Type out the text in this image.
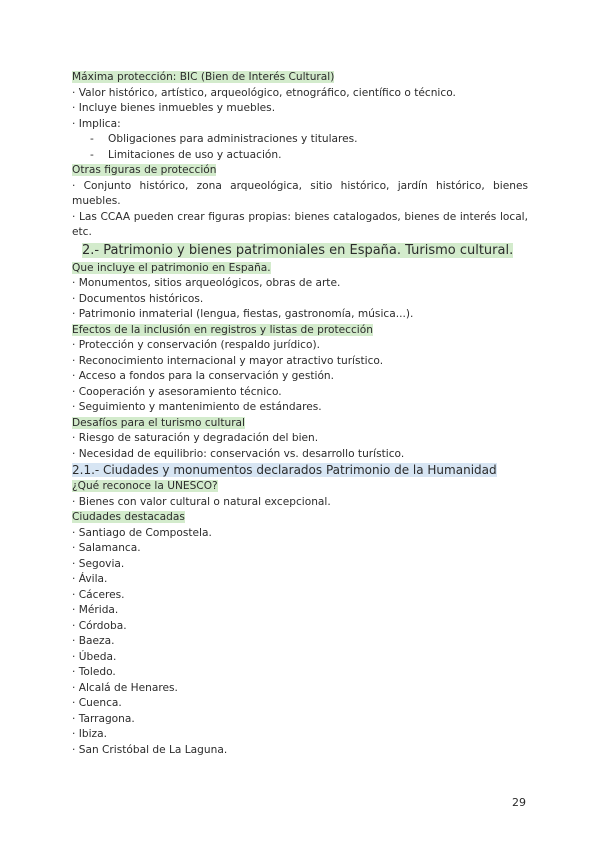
Máxima protección: BIC (Bien de Interés Cultural)
· Valor histórico, artístico, arqueológico, etnográfico, científico o técnico.
· Incluye bienes inmuebles y muebles.
· Implica:
- Obligaciones para administraciones y titulares.
- Limitaciones de uso y actuación.
Otras figuras de protección
· Conjunto histórico, zona arqueológica, sitio histórico, jardín histórico, bienes muebles.
· Las CCAA pueden crear figuras propias: bienes catalogados, bienes de interés local, etc.
2.- Patrimonio y bienes patrimoniales en España. Turismo cultural.
Que incluye el patrimonio en España.
· Monumentos, sitios arqueológicos, obras de arte.
· Documentos históricos.
· Patrimonio inmaterial (lengua, fiestas, gastronomía, música...).
Efectos de la inclusión en registros y listas de protección
· Protección y conservación (respaldo jurídico).
· Reconocimiento internacional y mayor atractivo turístico.
· Acceso a fondos para la conservación y gestión.
· Cooperación y asesoramiento técnico.
· Seguimiento y mantenimiento de estándares.
Desafíos para el turismo cultural
· Riesgo de saturación y degradación del bien.
· Necesidad de equilibrio: conservación vs. desarrollo turístico.
2.1.- Ciudades y monumentos declarados Patrimonio de la Humanidad
¿Qué reconoce la UNESCO?
· Bienes con valor cultural o natural excepcional.
Ciudades destacadas
· Santiago de Compostela.
· Salamanca.
· Segovia.
· Ávila.
· Cáceres.
· Mérida.
· Córdoba.
· Baeza.
· Úbeda.
· Toledo.
· Alcalá de Henares.
· Cuenca.
· Tarragona.
· Ibiza.
· San Cristóbal de La Laguna.
29
